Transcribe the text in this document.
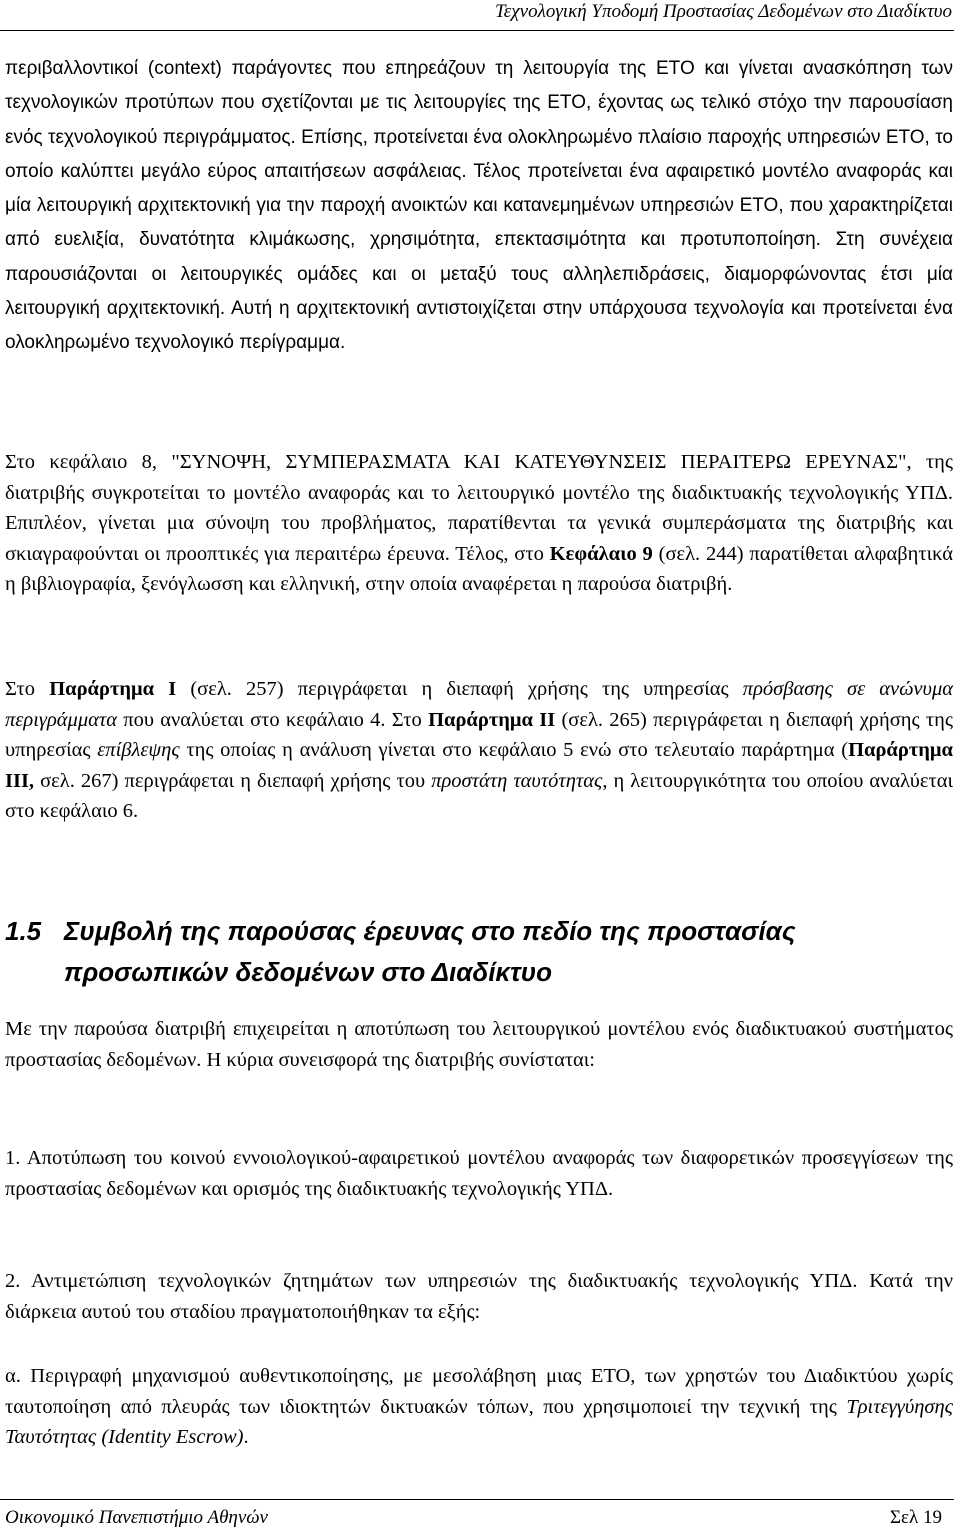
Τεχνολογική Υποδομή Προστασίας Δεδομένων στο Διαδίκτυο

περιβαλλοντικοί (context) παράγοντες που επηρεάζουν τη λειτουργία της ΕΤΟ και γίνεται ανασκόπηση των τεχνολογικών προτύπων που σχετίζονται με τις λειτουργίες της ΕΤΟ, έχοντας ως τελικό στόχο την παρουσίαση ενός τεχνολογικού περιγράμματος. Επίσης, προτείνεται ένα ολοκληρωμένο πλαίσιο παροχής υπηρεσιών ΕΤΟ, το οποίο καλύπτει μεγάλο εύρος απαιτήσεων ασφάλειας. Τέλος προτείνεται ένα αφαιρετικό μοντέλο αναφοράς και μία λειτουργική αρχιτεκτονική για την παροχή ανοικτών και κατανεμημένων υπηρεσιών ΕΤΟ, που χαρακτηρίζεται από ευελιξία, δυνατότητα κλιμάκωσης, χρησιμότητα, επεκτασιμότητα και προτυποποίηση. Στη συνέχεια παρουσιάζονται οι λειτουργικές ομάδες και οι μεταξύ τους αλληλεπιδράσεις, διαμορφώνοντας έτσι μία λειτουργική αρχιτεκτονική. Αυτή η αρχιτεκτονική αντιστοιχίζεται στην υπάρχουσα τεχνολογία και προτείνεται ένα ολοκληρωμένο τεχνολογικό περίγραμμα.

Στο κεφάλαιο 8, "ΣΥΝΟΨΗ, ΣΥΜΠΕΡΑΣΜΑΤΑ ΚΑΙ ΚΑΤΕΥΘΥΝΣΕΙΣ ΠΕΡΑΙΤΕΡΩ ΕΡΕΥΝΑΣ", της διατριβής συγκροτείται το μοντέλο αναφοράς και το λειτουργικό μοντέλο της διαδικτυακής τεχνολογικής ΥΠΔ. Επιπλέον, γίνεται μια σύνοψη του προβλήματος, παρατίθενται τα γενικά συμπεράσματα της διατριβής και σκιαγραφούνται οι προοπτικές για περαιτέρω έρευνα. Τέλος, στο Κεφάλαιο 9 (σελ. 244) παρατίθεται αλφαβητικά η βιβλιογραφία, ξενόγλωσση και ελληνική, στην οποία αναφέρεται η παρούσα διατριβή.

Στο Παράρτημα Ι (σελ. 257) περιγράφεται η διεπαφή χρήσης της υπηρεσίας πρόσβασης σε ανώνυμα περιγράμματα που αναλύεται στο κεφάλαιο 4. Στο Παράρτημα ΙΙ (σελ. 265) περιγράφεται η διεπαφή χρήσης της υπηρεσίας επίβλεψης της οποίας η ανάλυση γίνεται στο κεφάλαιο 5 ενώ στο τελευταίο παράρτημα (Παράρτημα ΙΙΙ, σελ. 267) περιγράφεται η διεπαφή χρήσης του προστάτη ταυτότητας, η λειτουργικότητα του οποίου αναλύεται στο κεφάλαιο 6.

1.5 Συμβολή της παρούσας έρευνας στο πεδίο της προστασίας
προσωπικών δεδομένων στο Διαδίκτυο

Με την παρούσα διατριβή επιχειρείται η αποτύπωση του λειτουργικού μοντέλου ενός διαδικτυακού συστήματος προστασίας δεδομένων. Η κύρια συνεισφορά της διατριβής συνίσταται:

1. Αποτύπωση του κοινού εννοιολογικού-αφαιρετικού μοντέλου αναφοράς των διαφορετικών προσεγγίσεων της προστασίας δεδομένων και ορισμός της διαδικτυακής τεχνολογικής ΥΠΔ.

2. Αντιμετώπιση τεχνολογικών ζητημάτων των υπηρεσιών της διαδικτυακής τεχνολογικής ΥΠΔ. Κατά την διάρκεια αυτού του σταδίου πραγματοποιήθηκαν τα εξής:

α. Περιγραφή μηχανισμού αυθεντικοποίησης, με μεσολάβηση μιας ΕΤΟ, των χρηστών του Διαδικτύου χωρίς ταυτοποίηση από πλευράς των ιδιοκτητών δικτυακών τόπων, που χρησιμοποιεί την τεχνική της Τριτεγγύησης Ταυτότητας (Identity Escrow).

Οικονομικό Πανεπιστήμιο Αθηνών	Σελ 19
